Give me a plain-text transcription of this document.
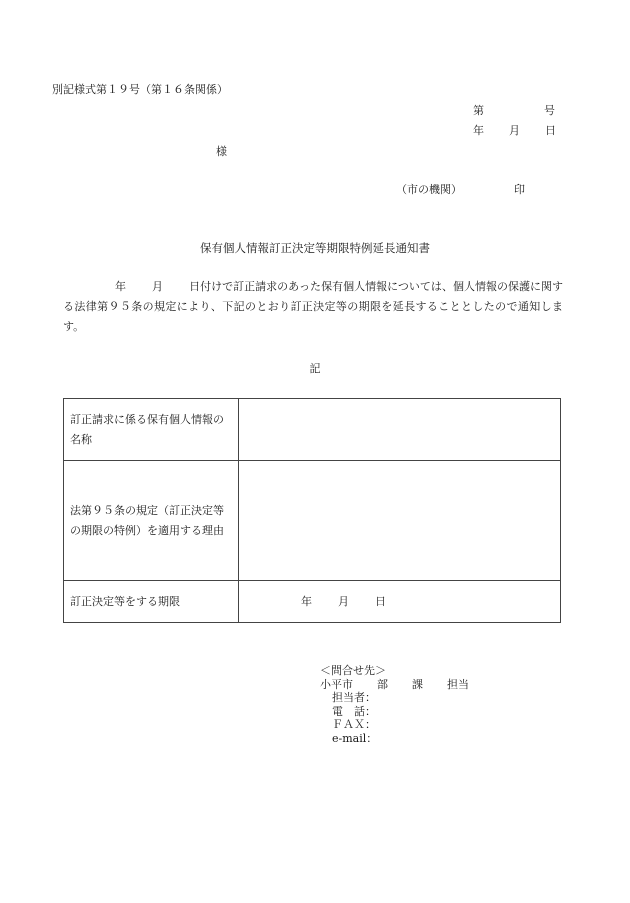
別記様式第１９号（第１６条関係）
第	号
年 月 日
様
（市の機関）	印
保有個人情報訂正決定等期限特例延長通知書
年 月 日付けで訂正請求のあった保有個人情報については、個人情報の保護に関する法律第９５条の規定により、下記のとおり訂正決定等の期限を延長することとしたので通知します。
記
訂正請求に係る保有個人情報の名称	
法第９５条の規定（訂正決定等の期限の特例）を適用する理由	
訂正決定等をする期限	年 月 日
＜問合せ先＞
小平市 部 課 担当
担当者：
電　話：
ＦＡＸ：
e-mail：
